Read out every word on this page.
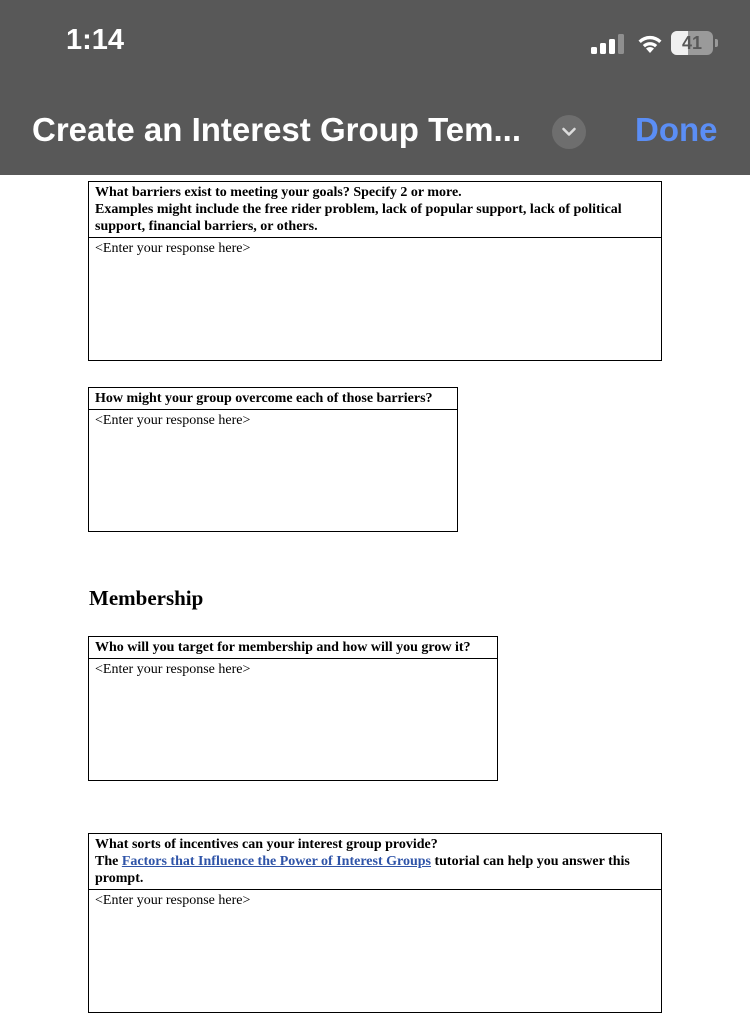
1:14	41
Create an Interest Group Tem...	Done
What barriers exist to meeting your goals? Specify 2 or more.
Examples might include the free rider problem, lack of popular support, lack of political support, financial barriers, or others.
<Enter your response here>
How might your group overcome each of those barriers?
<Enter your response here>
Membership
Who will you target for membership and how will you grow it?
<Enter your response here>
What sorts of incentives can your interest group provide?
The Factors that Influence the Power of Interest Groups tutorial can help you answer this prompt.
<Enter your response here>
